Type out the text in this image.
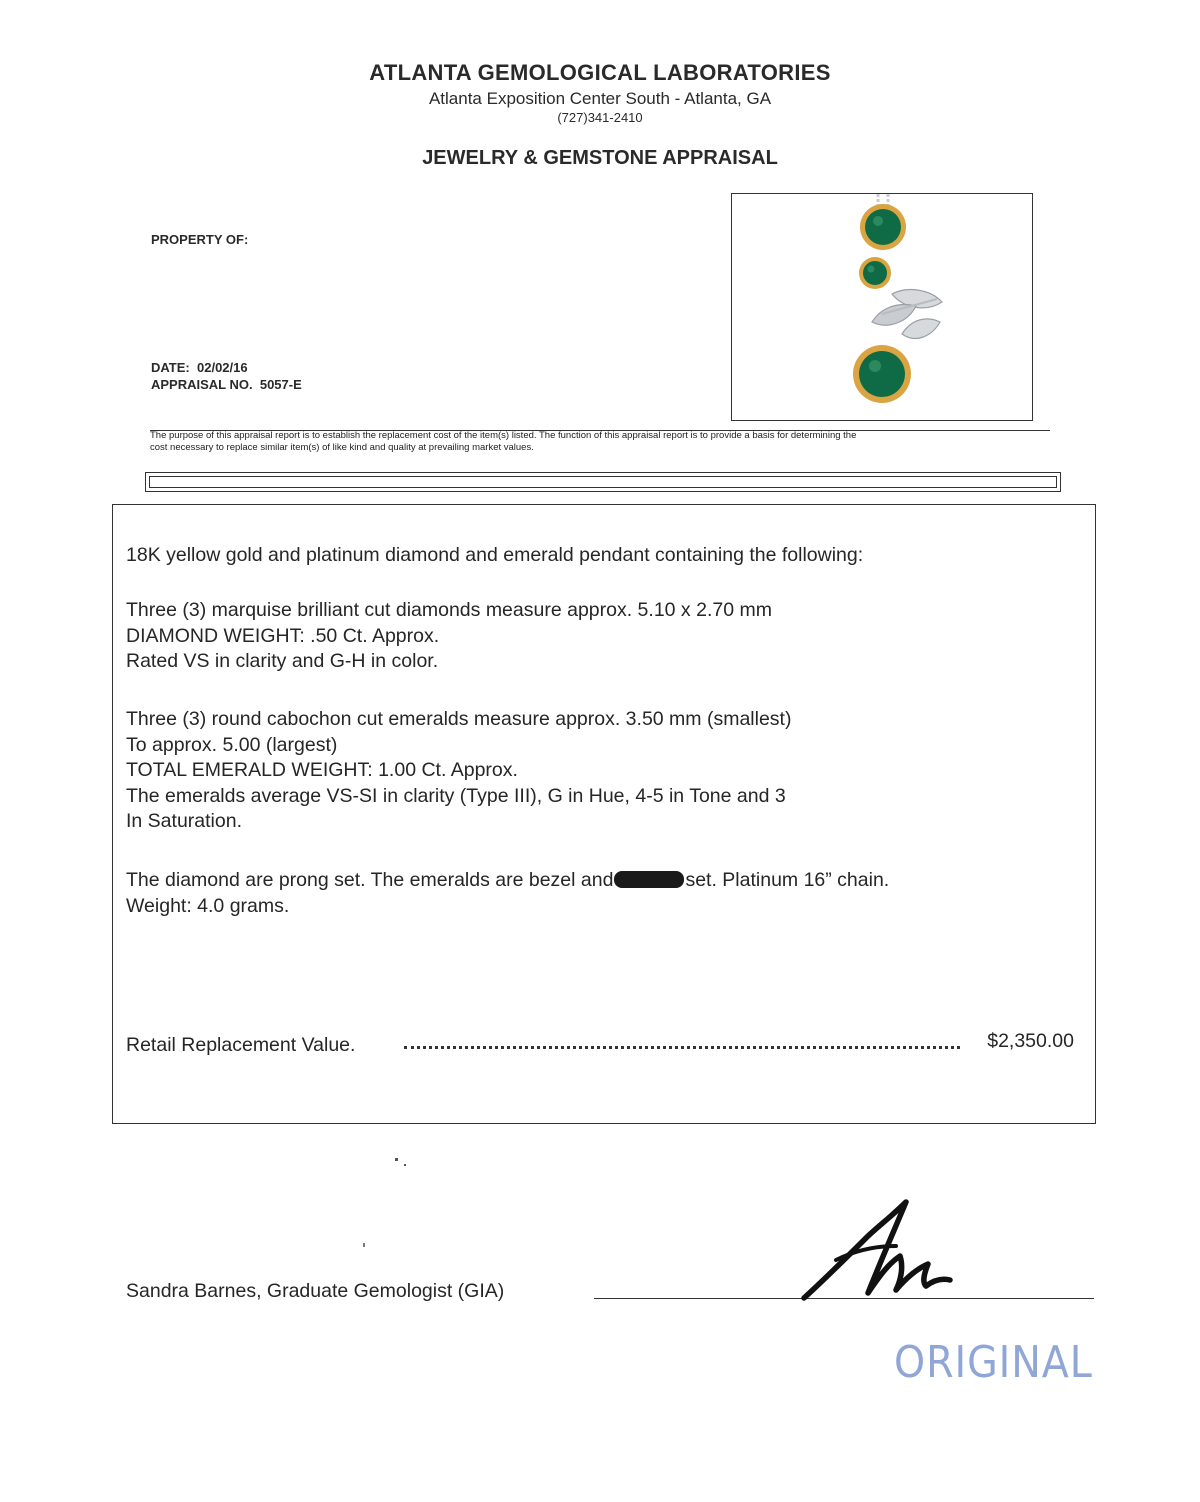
ATLANTA GEMOLOGICAL LABORATORIES
Atlanta Exposition Center South - Atlanta, GA
(727)341-2410
JEWELRY & GEMSTONE APPRAISAL
PROPERTY OF:
DATE: 02/02/16
APPRAISAL NO. 5057-E
The purpose of this appraisal report is to establish the replacement cost of the item(s) listed. The function of this appraisal report is to provide a basis for determining the
cost necessary to replace similar item(s) of like kind and quality at prevailing market values.
18K yellow gold and platinum diamond and emerald pendant containing the following:
Three (3) marquise brilliant cut diamonds measure approx. 5.10 x 2.70 mm
DIAMOND WEIGHT: .50 Ct. Approx.
Rated VS in clarity and G-H in color.
Three (3) round cabochon cut emeralds measure approx. 3.50 mm (smallest)
To approx. 5.00 (largest)
TOTAL EMERALD WEIGHT: 1.00 Ct. Approx.
The emeralds average VS-SI in clarity (Type III), G in Hue, 4-5 in Tone and 3
In Saturation.
The diamond are prong set. The emeralds are bezel and	set. Platinum 16” chain.
Weight: 4.0 grams.
Retail Replacement Value.	$2,350.00
Sandra Barnes, Graduate Gemologist (GIA)
ORIGINAL
